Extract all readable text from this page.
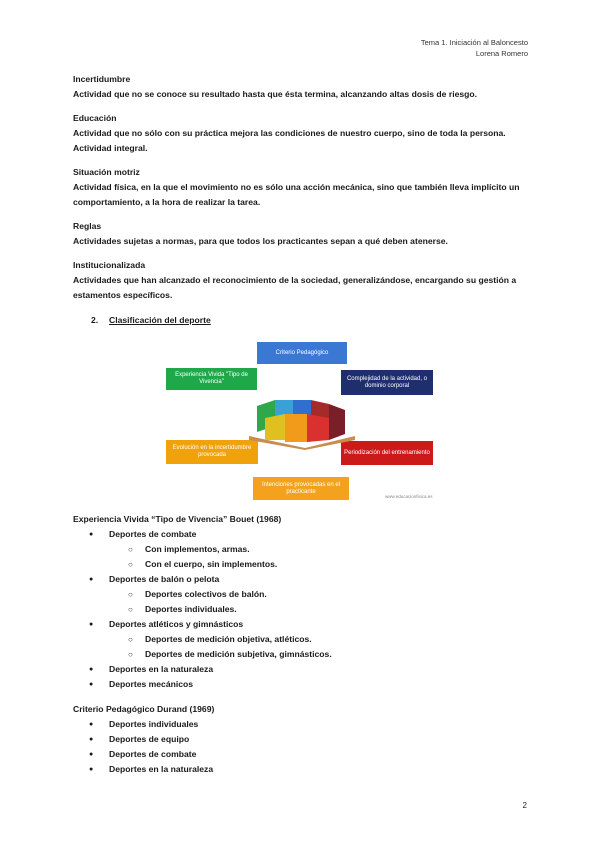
Tema 1. Iniciación al Baloncesto
Lorena Romero
Incertidumbre
Actividad que no se conoce su resultado hasta que ésta termina, alcanzando altas dosis de riesgo.
Educación
Actividad que no sólo con su práctica mejora las condiciones de nuestro cuerpo, sino de toda la persona. Actividad integral.
Situación motriz
Actividad física, en la que el movimiento no es sólo una acción mecánica, sino que también lleva implícito un comportamiento, a la hora de realizar la tarea.
Reglas
Actividades sujetas a normas, para que todos los practicantes sepan a qué deben atenerse.
Institucionalizada
Actividades que han alcanzado el reconocimiento de la sociedad, generalizándose, encargando su gestión a estamentos específicos.
2. Clasificación del deporte
Criterio Pedagógico
Experiencia Vivida "Tipo de Vivencia"
Complejidad de la actividad, o dominio corporal
Evolución en la incertidumbre provocada	Periodización del entrenamiento
Intenciones provocadas en el practicante
www.educacionfisica.es
Experiencia Vivida “Tipo de Vivencia” Bouet (1968)
● Deportes de combate
○ Con implementos, armas.
○ Con el cuerpo, sin implementos.
● Deportes de balón o pelota
○ Deportes colectivos de balón.
○ Deportes individuales.
● Deportes atléticos y gimnásticos
○ Deportes de medición objetiva, atléticos.
○ Deportes de medición subjetiva, gimnásticos.
● Deportes en la naturaleza
● Deportes mecánicos
Criterio Pedagógico Durand (1969)
● Deportes individuales
● Deportes de equipo
● Deportes de combate
● Deportes en la naturaleza
2
